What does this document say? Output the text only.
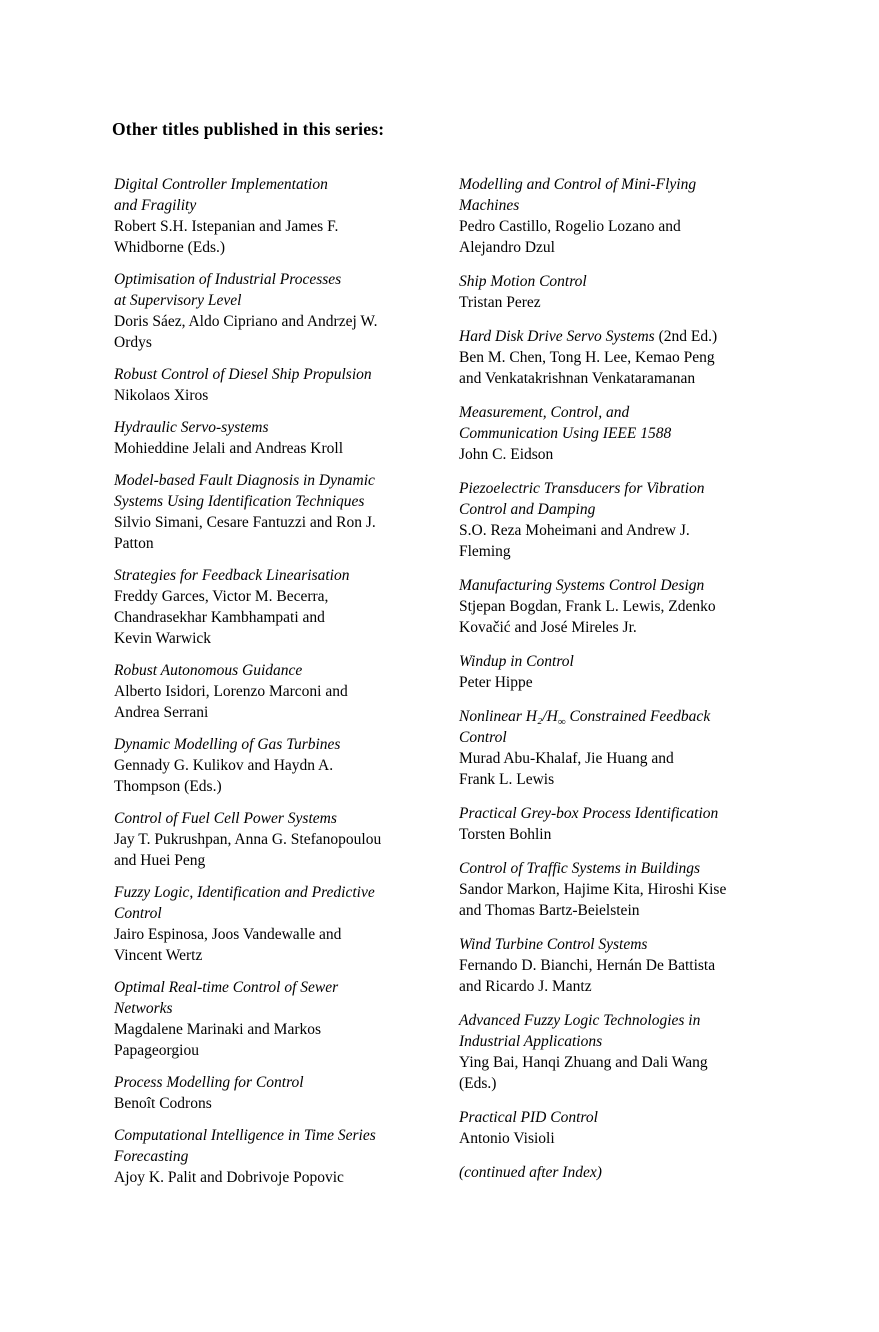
Other titles published in this series:
Digital Controller Implementation
and Fragility
Robert S.H. Istepanian and James F.
Whidborne (Eds.)
Optimisation of Industrial Processes
at Supervisory Level
Doris Sáez, Aldo Cipriano and Andrzej W.
Ordys
Robust Control of Diesel Ship Propulsion
Nikolaos Xiros
Hydraulic Servo-systems
Mohieddine Jelali and Andreas Kroll
Model-based Fault Diagnosis in Dynamic
Systems Using Identification Techniques
Silvio Simani, Cesare Fantuzzi and Ron J.
Patton
Strategies for Feedback Linearisation
Freddy Garces, Victor M. Becerra,
Chandrasekhar Kambhampati and
Kevin Warwick
Robust Autonomous Guidance
Alberto Isidori, Lorenzo Marconi and
Andrea Serrani
Dynamic Modelling of Gas Turbines
Gennady G. Kulikov and Haydn A.
Thompson (Eds.)
Control of Fuel Cell Power Systems
Jay T. Pukrushpan, Anna G. Stefanopoulou
and Huei Peng
Fuzzy Logic, Identification and Predictive
Control
Jairo Espinosa, Joos Vandewalle and
Vincent Wertz
Optimal Real-time Control of Sewer
Networks
Magdalene Marinaki and Markos
Papageorgiou
Process Modelling for Control
Benoît Codrons
Computational Intelligence in Time Series
Forecasting
Ajoy K. Palit and Dobrivoje Popovic
Modelling and Control of Mini-Flying
Machines
Pedro Castillo, Rogelio Lozano and
Alejandro Dzul
Ship Motion Control
Tristan Perez
Hard Disk Drive Servo Systems (2nd Ed.)
Ben M. Chen, Tong H. Lee, Kemao Peng
and Venkatakrishnan Venkataramanan
Measurement, Control, and
Communication Using IEEE 1588
John C. Eidson
Piezoelectric Transducers for Vibration
Control and Damping
S.O. Reza Moheimani and Andrew J.
Fleming
Manufacturing Systems Control Design
Stjepan Bogdan, Frank L. Lewis, Zdenko
Kovačić and José Mireles Jr.
Windup in Control
Peter Hippe
Nonlinear $H_2/H_\infty$ Constrained Feedback
Control
Murad Abu-Khalaf, Jie Huang and
Frank L. Lewis
Practical Grey-box Process Identification
Torsten Bohlin
Control of Traffic Systems in Buildings
Sandor Markon, Hajime Kita, Hiroshi Kise
and Thomas Bartz-Beielstein
Wind Turbine Control Systems
Fernando D. Bianchi, Hernán De Battista
and Ricardo J. Mantz
Advanced Fuzzy Logic Technologies in
Industrial Applications
Ying Bai, Hanqi Zhuang and Dali Wang
(Eds.)
Practical PID Control
Antonio Visioli
(continued after Index)
